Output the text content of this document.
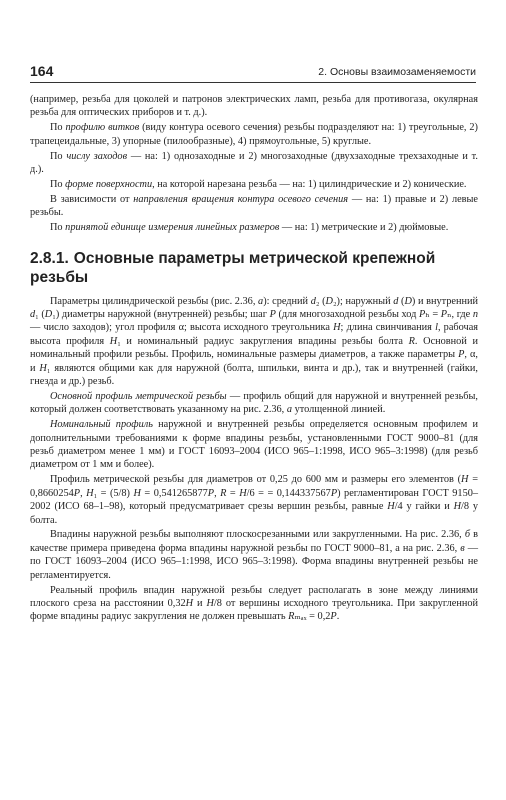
164	2. Основы взаимозаменяемости

(например, резьба для цоколей и патронов электрических ламп, резьба для противогаза, окулярная резьба для оптических приборов и т. д.).

По профилю витков (виду контура осевого сечения) резьбы подразделяют на: 1) треугольные, 2) трапецеидальные, 3) упорные (пилообразные), 4) прямоугольные, 5) круглые.

По числу заходов — на: 1) однозаходные и 2) многозаходные (двухзаходные трехзаходные и т. д.).

По форме поверхности, на которой нарезана резьба — на: 1) цилиндрические и 2) конические.

В зависимости от направления вращения контура осевого сечения — на: 1) правые и 2) левые резьбы.

По принятой единице измерения линейных размеров — на: 1) метрические и 2) дюймовые.

2.8.1. Основные параметры метрической крепежной резьбы

Параметры цилиндрической резьбы (рис. 2.36, а): средний d₂ (D₂); наружный d (D) и внутренний d₁ (D₁) диаметры наружной (внутренней) резьбы; шаг P (для многозаходной резьбы ход Pₕ = Pₙ, где n — число заходов); угол профиля α; высота исходного треугольника H; длина свинчивания l, рабочая высота профиля H₁ и номинальный радиус закругления впадины резьбы болта R. Основной и номинальный профили резьбы. Профиль, номинальные размеры диаметров, а также параметры P, α, и H₁ являются общими как для наружной (болта, шпильки, винта и др.), так и внутренней (гайки, гнезда и др.) резьб.

Основной профиль метрической резьбы — профиль общий для наружной и внутренней резьбы, который должен соответствовать указанному на рис. 2.36, а утолщенной линией.

Номинальный профиль наружной и внутренней резьбы определяется основным профилем и дополнительными требованиями к форме впадины резьбы, установленными ГОСТ 9000–81 (для резьб диаметром менее 1 мм) и ГОСТ 16093–2004 (ИСО 965–1:1998, ИСО 965–3:1998) (для резьб диаметром от 1 мм и более).

Профиль метрической резьбы для диаметров от 0,25 до 600 мм и размеры его элементов (H = 0,8660254P, H₁ = (5/8) H = 0,541265877P, R = H/6 = = 0,144337567P) регламентирован ГОСТ 9150–2002 (ИСО 68–1–98), который предусматривает срезы вершин резьбы, равные H/4 у гайки и H/8 у болта.

Впадины наружной резьбы выполняют плоскосрезанными или закругленными. На рис. 2.36, б в качестве примера приведена форма впадины наружной резьбы по ГОСТ 9000–81, а на рис. 2.36, в — по ГОСТ 16093–2004 (ИСО 965–1:1998, ИСО 965–3:1998). Форма впадины внутренней резьбы не регламентируется.

Реальный профиль впадин наружной резьбы следует располагать в зоне между линиями плоского среза на расстоянии 0,32H и H/8 от вершины исходного треугольника. При закругленной форме впадины радиус закругления не должен превышать Rₘₐₓ = 0,2P.
